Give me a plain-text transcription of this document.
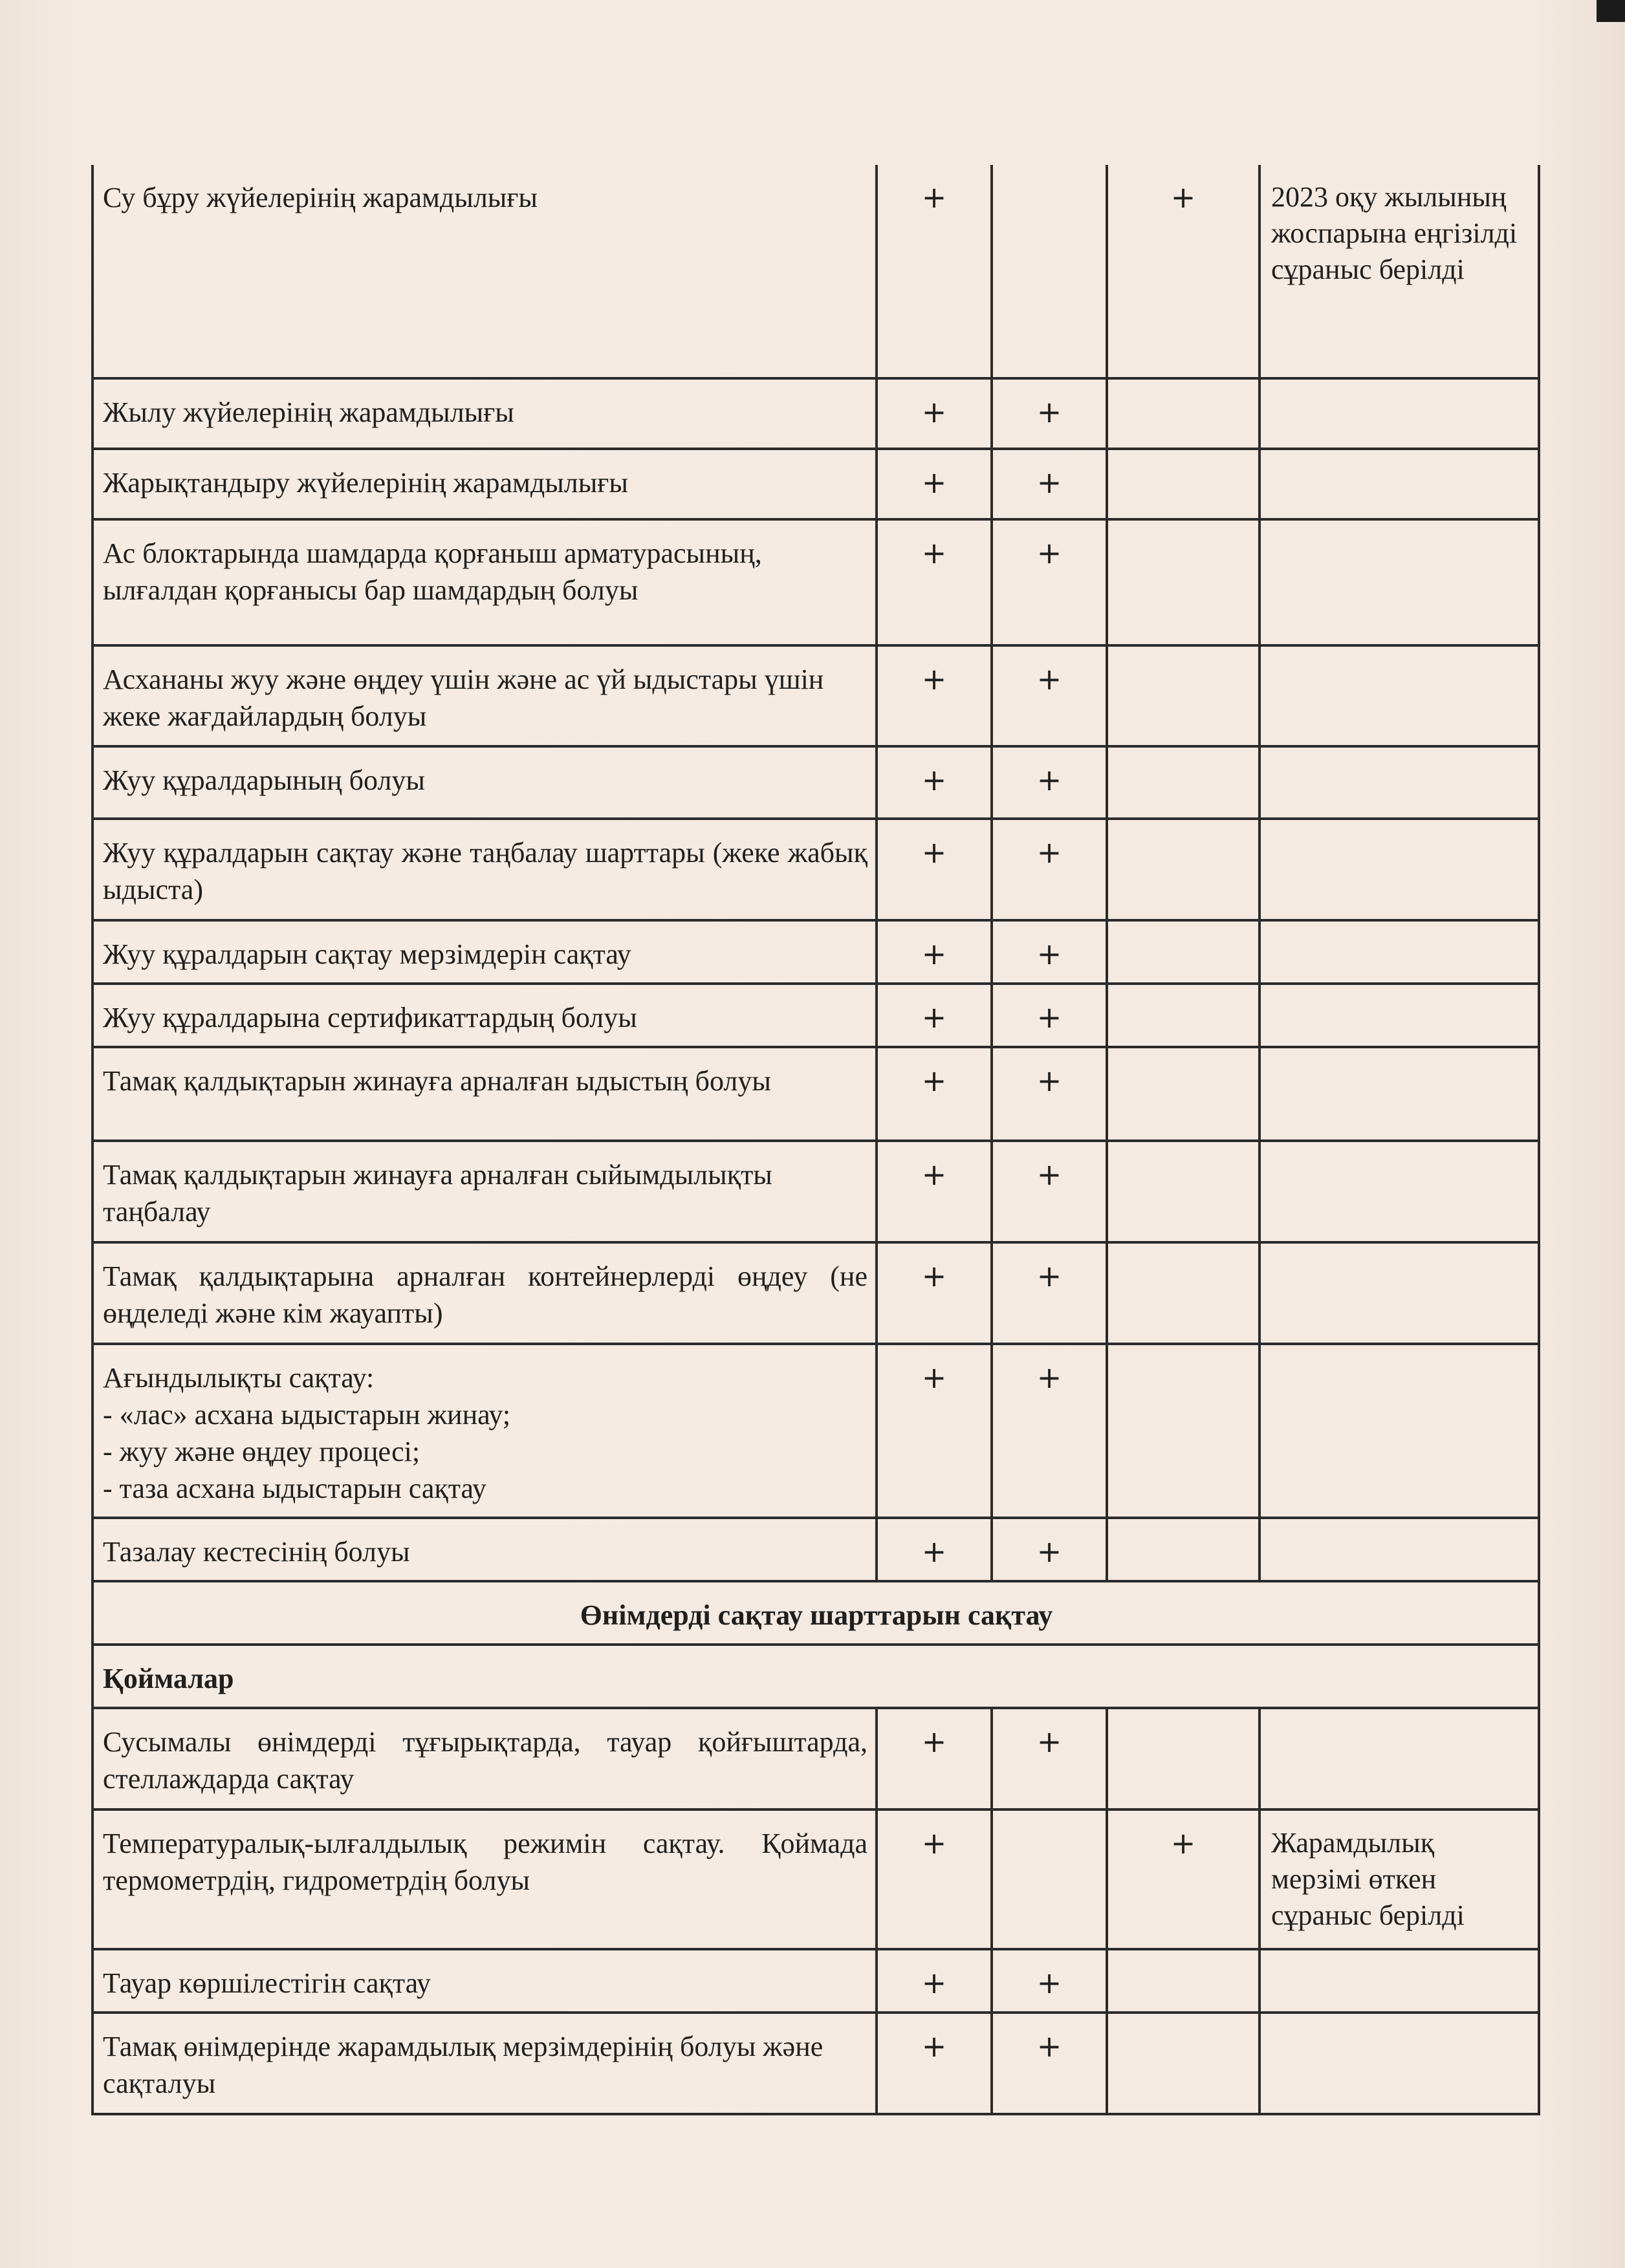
Су бұру жүйелерінің жарамдылығы	+		+	2023 оқу жылының жоспарына еңгізілді сұраныс берілді
Жылу жүйелерінің жарамдылығы	+	+		
Жарықтандыру жүйелерінің жарамдылығы	+	+		
Ас блоктарында шамдарда қорғаныш арматурасының, ылғалдан қорғанысы бар шамдардың болуы	+	+		
Асхананы жуу және өңдеу үшін және ас үй ыдыстары үшін жеке жағдайлардың болуы	+	+		
Жуу құралдарының болуы	+	+		
Жуу құралдарын сақтау және таңбалау шарттары (жеке жабық ыдыста)	+	+		
Жуу құралдарын сақтау мерзімдерін сақтау	+	+		
Жуу құралдарына сертификаттардың болуы	+	+		
Тамақ қалдықтарын жинауға арналған ыдыстың болуы	+	+		
Тамақ қалдықтарын жинауға арналған сыйымдылықты таңбалау	+	+		
Тамақ қалдықтарына арналған контейнерлерді өңдеу (не өңделеді және кім жауапты)	+	+		
Ағындылықты сақтау:
- «лас» асхана ыдыстарын жинау;
- жуу және өңдеу процесі;
- таза асхана ыдыстарын сақтау	+	+		
Тазалау кестесінің болуы	+	+		
Өнімдерді сақтау шарттарын сақтау				
Қоймалар				
Сусымалы өнімдерді тұғырықтарда, тауар қойғыштарда, стеллаждарда сақтау	+	+		
Температуралық-ылғалдылық режимін сақтау. Қоймада термометрдің, гидрометрдің болуы	+		+	Жарамдылық мерзімі өткен сұраныс берілді
Тауар көршілестігін сақтау	+	+		
Тамақ өнімдерінде жарамдылық мерзімдерінің болуы және сақталуы	+	+		
